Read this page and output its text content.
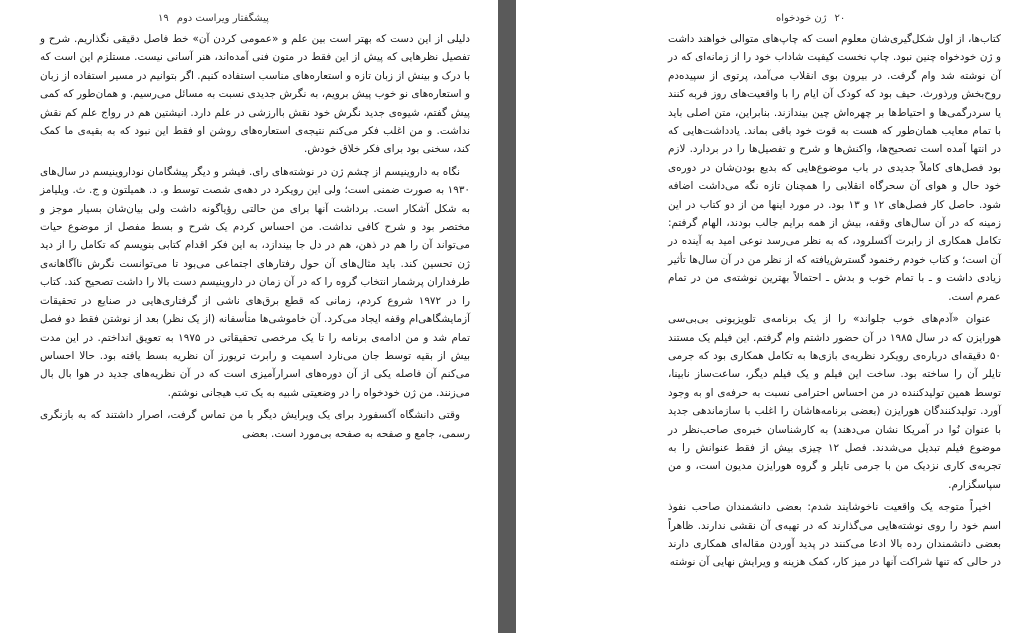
پیشگفتار ویراست دوم۱۹

دلیلی از این دست که بهتر است بین علم و «عمومی کردن آن» خط فاصل دقیقی نگذاریم. شرح و تفصیل نظرهایی که پیش از این فقط در متون فنی آمده‌اند، هنر آسانی نیست. مستلزم این است که با درک و بینش از زبان تازه و استعاره‌های مناسب استفاده کنیم. اگر بتوانیم در مسیر استفاده از زبان و استعاره‌های نو خوب پیش برویم، به نگرش جدیدی نسبت به مسائل می‌رسیم. و همان‌طور که کمی پیش گفتم، شیوه‌ی جدید نگرش خود نقش باارزشی در علم دارد. انیشتین هم در رواج علم کم نقش نداشت. و من اغلب فکر می‌کنم نتیجه‌ی استعاره‌های روشن او فقط این نبود که به بقیه‌ی ما کمک کند، سخنی بود برای فکر خلاق خودش.

نگاه به داروینیسم از چشم ژن در نوشته‌های رای. فیشر و دیگر پیشگامان نوداروینیسم در سال‌های ۱۹۳۰ به صورت ضمنی است؛ ولی این رویکرد در دهه‌ی شصت توسط و. د. همیلتون و ج. ث. ویلیامز به شکل آشکار است. برداشت آنها برای من حالتی رؤیاگونه داشت ولی بیان‌شان بسیار موجز و مختصر بود و شرح کافی نداشت. من احساس کردم یک شرح و بسط مفصل از موضوع حیات می‌تواند آن را هم در ذهن، هم در دل جا بیندازد، به این فکر اقدام کتابی بنویسم که تکامل را از دید ژن تحسین کند. باید مثال‌های آن حول رفتارهای اجتماعی می‌بود تا می‌توانست نگرش ناآگاهانه‌ی طرفداران پرشمار انتخاب گروه را که در آن زمان در داروینیسم دست بالا را داشت تصحیح کند. کتاب را در ۱۹۷۲ شروع کردم، زمانی که قطع برق‌های ناشی از گرفتاری‌هایی در صنایع در تحقیقات آزمایشگاهی‌ام وقفه ایجاد می‌کرد. آن خاموشی‌ها متأسفانه (از یک نظر) بعد از نوشتن فقط دو فصل تمام شد و من ادامه‌ی برنامه را تا یک مرخصی تحقیقاتی در ۱۹۷۵ به تعویق انداختم. در این مدت بیش از بقیه توسط جان می‌نارد اسمیت و رابرت تریورز آن نظریه بسط یافته بود. حالا احساس می‌کنم آن فاصله یکی از آن دوره‌های اسرارآمیزی است که در آن نظریه‌های جدید در هوا بال بال می‌زنند. من ژن خودخواه را در وضعیتی شبیه به یک تب هیجانی نوشتم.

وقتی دانشگاه آکسفورد برای یک ویرایش دیگر با من تماس گرفت، اصرار داشتند که به بازنگری رسمی، جامع و صفحه به صفحه بی‌مورد است. بعضی

۲۰ژن خودخواه

کتاب‌ها، از اول شکل‌گیری‌شان معلوم است که چاپ‌های متوالی خواهند داشت و ژن خودخواه چنین نبود. چاپ نخست کیفیت شاداب خود را از زمانه‌ای که در آن نوشته شد وام گرفت. در بیرون بوی انقلاب می‌آمد، پرتوی از سپیده‌دم روح‌بخش ورذورث. حیف بود که کودک آن ایام را با واقعیت‌های روز فربه کنند یا سردرگمی‌ها و احتیاط‌ها بر چهره‌اش چین بیندازند. بنابراین، متن اصلی باید با تمام معایب همان‌طور که هست به قوت خود باقی بماند. یادداشت‌هایی که در انتها آمده است تصحیح‌ها، واکنش‌ها و شرح و تفصیل‌ها را در بردارد. لازم بود فصل‌های کاملاً جدیدی در باب موضوع‌هایی که بدیع بودن‌شان در دوره‌ی خود حال و هوای آن سحرگاه انقلابی را همچنان تازه نگه می‌داشت اضافه شود. حاصل کار فصل‌های ۱۲ و ۱۳ بود. در مورد اینها من از دو کتاب در این زمینه که در آن سال‌های وقفه، بیش از همه برایم جالب بودند، الهام گرفتم: تکامل همکاری از رابرت آکسلرود، که به نظر می‌رسد نوعی امید به آینده در آن است؛ و کتاب خودم رخنمود گسترش‌یافته که از نظر من در آن سال‌ها تأثیر زیادی داشت و ـ با تمام خوب و بدش ـ احتمالاً بهترین نوشته‌ی من در تمام عمرم است.

عنوان «آدم‌های خوب جلواند» را از یک برنامه‌ی تلویزیونی بی‌بی‌سی هورایزن که در سال ۱۹۸۵ در آن حضور داشتم وام گرفتم. این فیلم یک مستند ۵۰ دقیقه‌ای درباره‌ی رویکرد نظریه‌ی بازی‌ها به تکامل همکاری بود که جرمی تایلر آن را ساخته بود. ساخت این فیلم و یک فیلم دیگر، ساعت‌ساز نابینا، توسط همین تولیدکننده در من احساس احترامی نسبت به حرفه‌ی او به وجود آورد. تولیدکنندگان هورایزن (بعضی برنامه‌هاشان را اغلب با سازماندهی جدید با عنوان نُوا در آمریکا نشان می‌دهند) به کارشناسان خبره‌ی صاحب‌نظر در موضوع فیلم تبدیل می‌شدند. فصل ۱۲ چیزی بیش از فقط عنوانش را به تجربه‌ی کاری نزدیک من با جرمی تایلر و گروه هورایزن مدیون است، و من سپاسگزارم.

اخیراً متوجه یک واقعیت ناخوشایند شدم: بعضی دانشمندان صاحب نفوذ اسم خود را روی نوشته‌هایی می‌گذارند که در تهیه‌ی آن نقشی ندارند. ظاهراً بعضی دانشمندان رده بالا ادعا می‌کنند در پدید آوردن مقاله‌ای همکاری دارند در حالی که تنها شراکت آنها در میز کار، کمک هزینه و ویرایش نهایی آن نوشته
